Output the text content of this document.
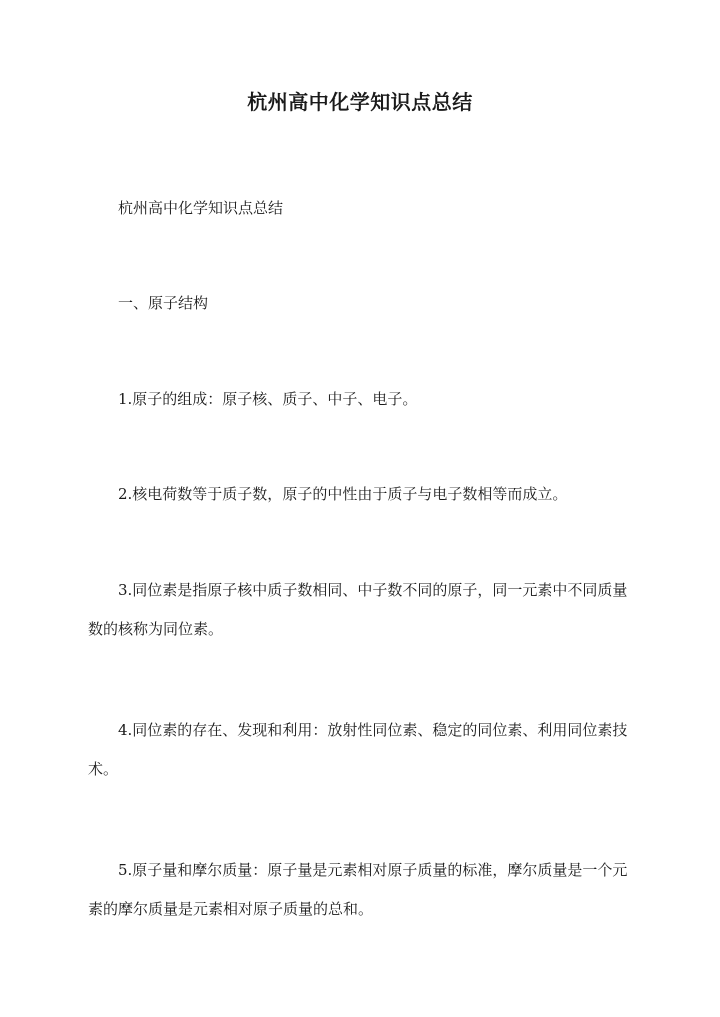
杭州高中化学知识点总结

杭州高中化学知识点总结

一、原子结构

1.原子的组成：原子核、质子、中子、电子。

2.核电荷数等于质子数，原子的中性由于质子与电子数相等而成立。

3.同位素是指原子核中质子数相同、中子数不同的原子，同一元素中不同质量数的核称为同位素。

4.同位素的存在、发现和利用：放射性同位素、稳定的同位素、利用同位素技术。

5.原子量和摩尔质量：原子量是元素相对原子质量的标准，摩尔质量是一个元素的摩尔质量是元素相对原子质量的总和。
